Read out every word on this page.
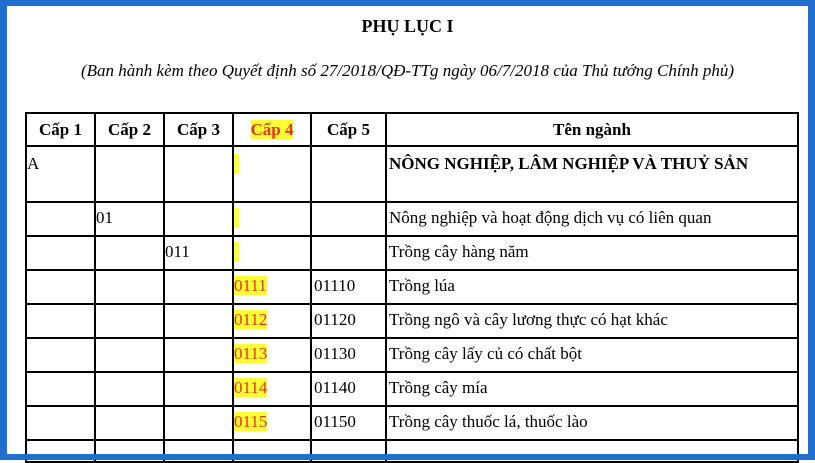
PHỤ LỤC I
(Ban hành kèm theo Quyết định số 27/2018/QĐ-TTg ngày 06/7/2018 của Thủ tướng Chính phủ)
Cấp 1	Cấp 2	Cấp 3	Cấp 4	Cấp 5	Tên ngành
A					NÔNG NGHIỆP, LÂM NGHIỆP VÀ THUỶ SẢN
	01				Nông nghiệp và hoạt động dịch vụ có liên quan
		011			Trồng cây hàng năm
			0111	01110	Trồng lúa
			0112	01120	Trồng ngô và cây lương thực có hạt khác
			0113	01130	Trồng cây lấy củ có chất bột
			0114	01140	Trồng cây mía
			0115	01150	Trồng cây thuốc lá, thuốc lào
